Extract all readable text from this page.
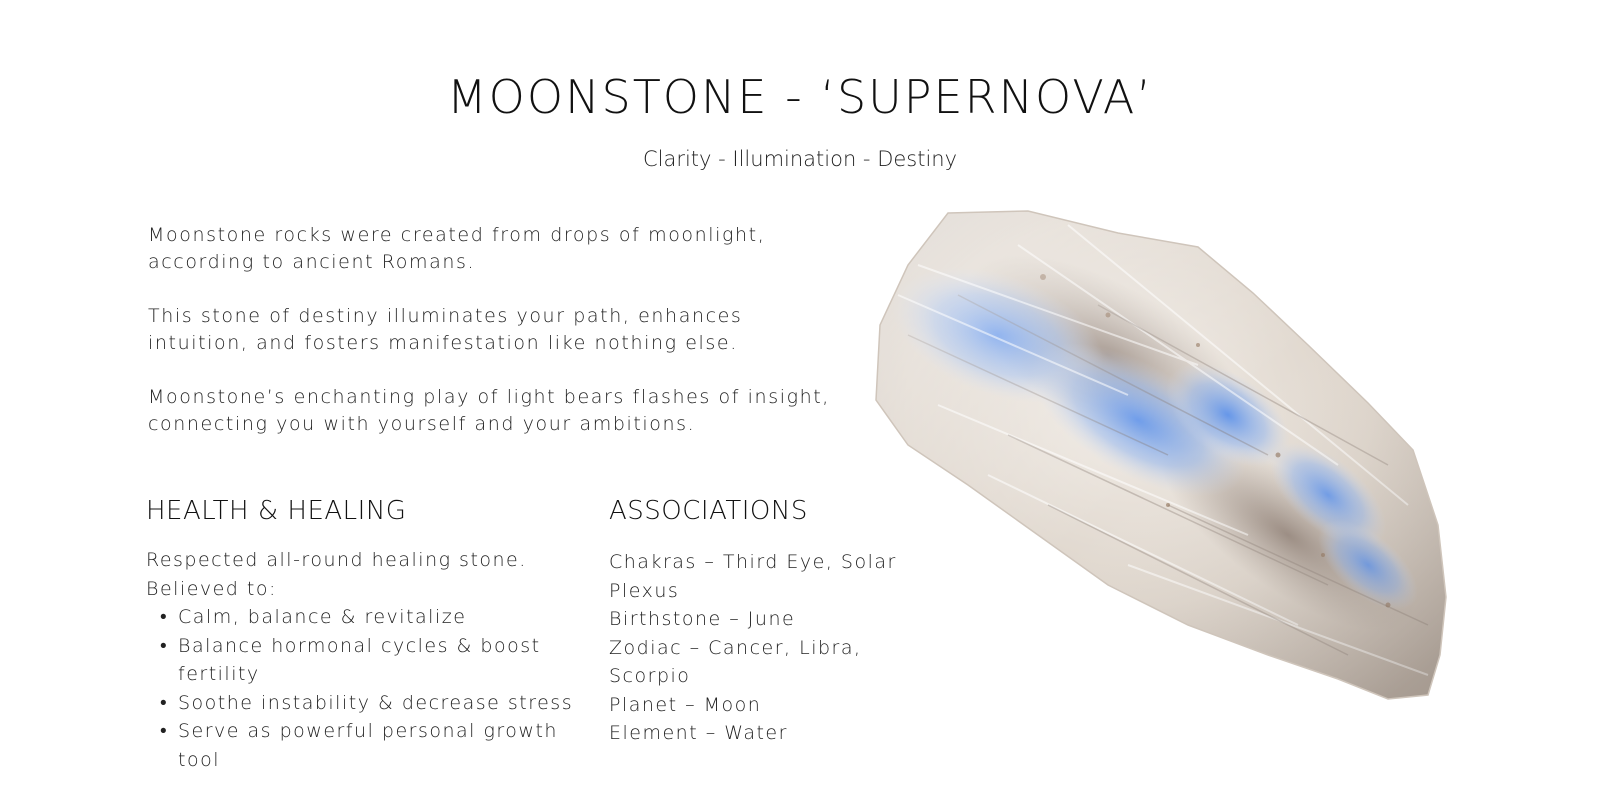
MOONSTONE - ‘SUPERNOVA’
Clarity - Illumination - Destiny

Moonstone rocks were created from drops of moonlight, according to ancient Romans.

This stone of destiny illuminates your path, enhances intuition, and fosters manifestation like nothing else.

Moonstone’s enchanting play of light bears flashes of insight, connecting you with yourself and your ambitions.

HEALTH & HEALING
Respected all-round healing stone.
Believed to:
• Calm, balance & revitalize
• Balance hormonal cycles & boost fertility
• Soothe instability & decrease stress
• Serve as powerful personal growth tool
ASSOCIATIONS
Chakras – Third Eye, Solar Plexus
Birthstone – June
Zodiac – Cancer, Libra, Scorpio
Planet – Moon
Element – Water
